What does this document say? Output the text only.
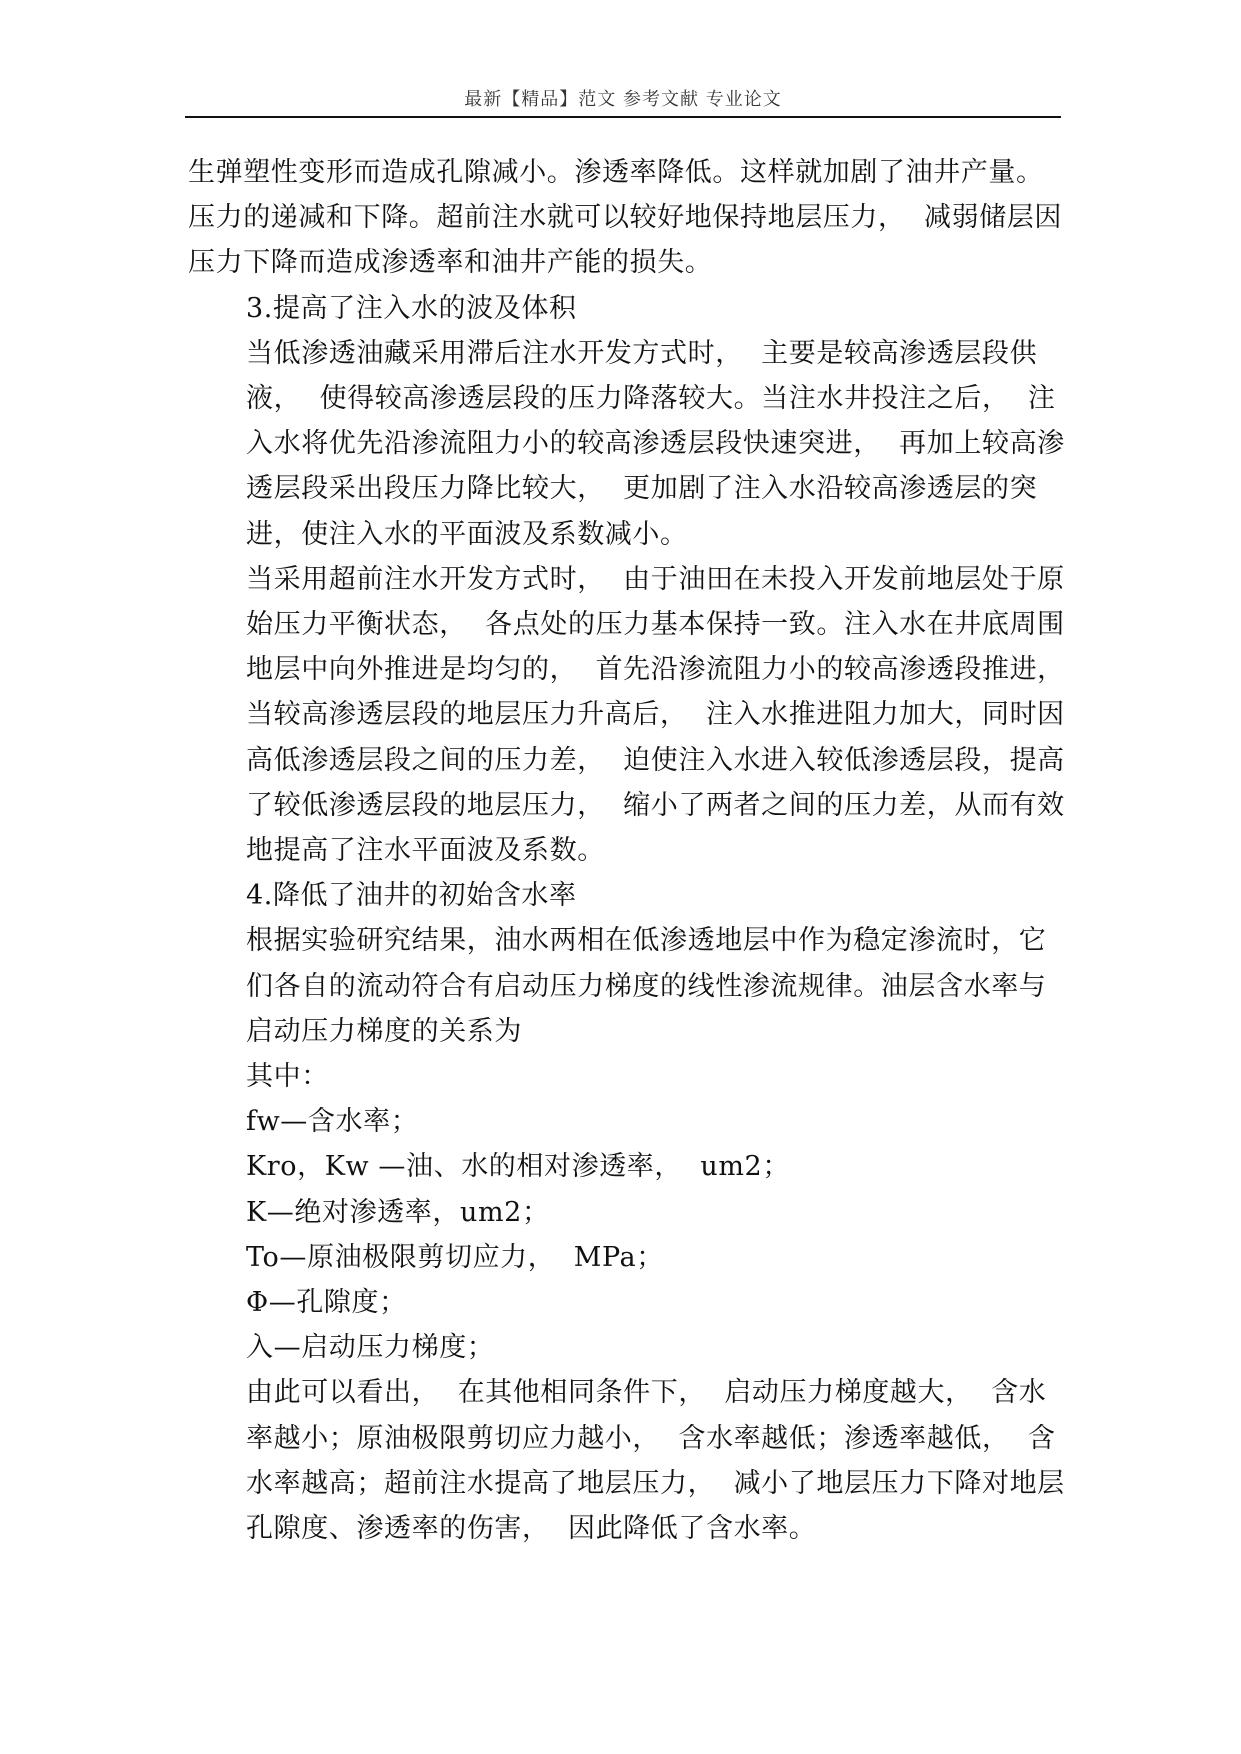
最新【精品】范文 参考文献 专业论文

生弹塑性变形而造成孔隙减小。渗透率降低。这样就加剧了油井产量。压力的递减和下降。超前注水就可以较好地保持地层压力，  减弱储层因压力下降而造成渗透率和油井产能的损失。

3.提高了注入水的波及体积

当低渗透油藏采用滞后注水开发方式时，  主要是较高渗透层段供液，  使得较高渗透层段的压力降落较大。当注水井投注之后，  注入水将优先沿渗流阻力小的较高渗透层段快速突进，  再加上较高渗透层段采出段压力降比较大，  更加剧了注入水沿较高渗透层的突进，使注入水的平面波及系数减小。

当采用超前注水开发方式时，  由于油田在未投入开发前地层处于原始压力平衡状态，  各点处的压力基本保持一致。注入水在井底周围地层中向外推进是均匀的，  首先沿渗流阻力小的较高渗透段推进，  当较高渗透层段的地层压力升高后，  注入水推进阻力加大，同时因高低渗透层段之间的压力差，  迫使注入水进入较低渗透层段，提高了较低渗透层段的地层压力，  缩小了两者之间的压力差，从而有效地提高了注水平面波及系数。

4.降低了油井的初始含水率

根据实验研究结果，油水两相在低渗透地层中作为稳定渗流时，它们各自的流动符合有启动压力梯度的线性渗流规律。油层含水率与启动压力梯度的关系为

其中：

fw—含水率；

Kro，Kw —油、水的相对渗透率，  um2；

K—绝对渗透率，um2；

To—原油极限剪切应力，  MPa；

Φ—孔隙度；

入—启动压力梯度；

由此可以看出，  在其他相同条件下，  启动压力梯度越大，  含水率越小；原油极限剪切应力越小，  含水率越低；渗透率越低，  含水率越高；超前注水提高了地层压力，  减小了地层压力下降对地层孔隙度、渗透率的伤害，  因此降低了含水率。
